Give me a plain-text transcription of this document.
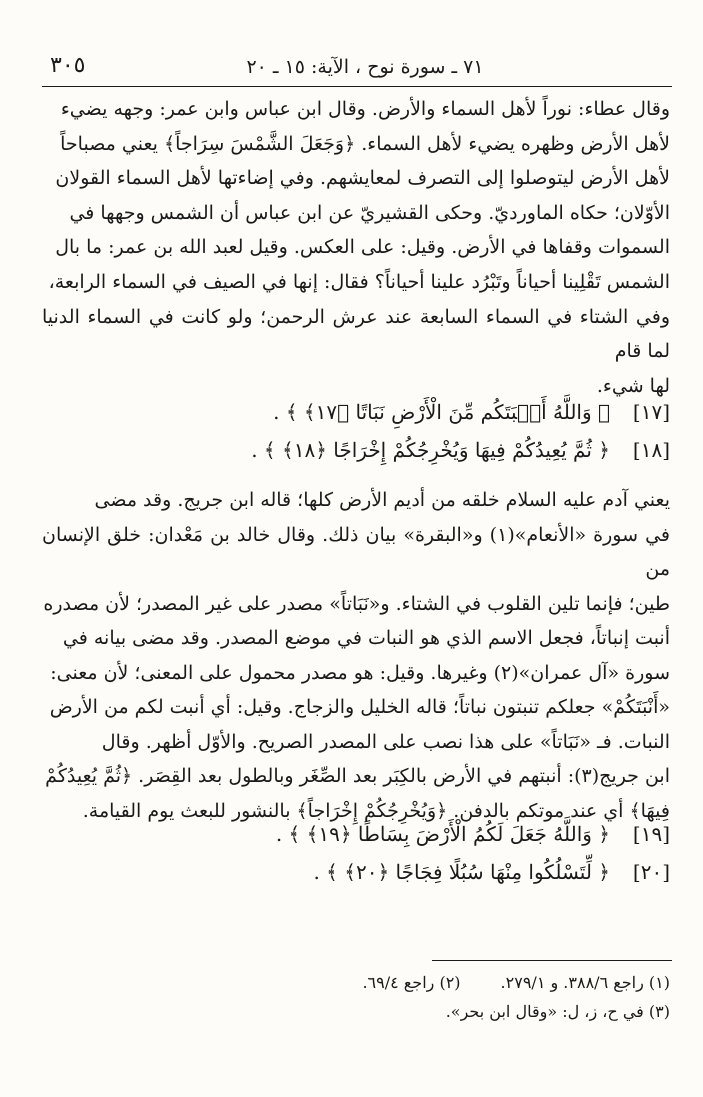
٣٠٥	٧١ ـ سورة نوح ، الآية: ١٥ ـ ٢٠

وقال عطاء: نوراً لأهل السماء والأرض. وقال ابن عباس وابن عمر: وجهه يضيء

لأهل الأرض وظهره يضيء لأهل السماء. ﴿وَجَعَلَ الشَّمْسَ سِرَاجاً﴾ يعني مصباحاً

لأهل الأرض ليتوصلوا إلى التصرف لمعايشهم. وفي إضاءتها لأهل السماء القولان

الأوّلان؛ حكاه الماورديّ. وحكى القشيريّ عن ابن عباس أن الشمس وجهها في

السموات وقفاها في الأرض. وقيل: على العكس. وقيل لعبد الله بن عمر: ما بال

الشمس تَقْلِينا أحياناً وتَبْرُد علينا أحياناً؟ فقال: إنها في الصيف في السماء الرابعة،

وفي الشتاء في السماء السابعة عند عرش الرحمن؛ ولو كانت في السماء الدنيا لما قام

لها شيء.

[١٧]
﴿ وَاللَّهُ أَنۢبَتَكُم مِّنَ الْأَرْضِ نَبَاتًا ﴿١٧﴾ ﴾ .
[١٨]
﴿ ثُمَّ يُعِيدُكُمْ فِيهَا وَيُخْرِجُكُمْ إِخْرَاجًا ﴿١٨﴾ ﴾ .

يعني آدم عليه السلام خلقه من أديم الأرض كلها؛ قاله ابن جريج. وقد مضى

في سورة «الأنعام»(١) و«البقرة» بيان ذلك. وقال خالد بن مَعْدان: خلق الإنسان من

طين؛ فإنما تلين القلوب في الشتاء. و«نَبَاتاً» مصدر على غير المصدر؛ لأن مصدره

أنبت إنباتاً، فجعل الاسم الذي هو النبات في موضع المصدر. وقد مضى بيانه في

سورة «آل عمران»(٢) وغيرها. وقيل: هو مصدر محمول على المعنى؛ لأن معنى:

«أَنْبَتَكُمْ» جعلكم تنبتون نباتاً؛ قاله الخليل والزجاج. وقيل: أي أنبت لكم من الأرض

النبات. فـ «نَبَاتاً» على هذا نصب على المصدر الصريح. والأوّل أظهر. وقال

ابن جريج(٣): أنبتهم في الأرض بالكِبَر بعد الصِّغَر وبالطول بعد القِصَر. ﴿ثُمَّ يُعِيدُكُمْ

فِيهَا﴾ أي عند موتكم بالدفن. ﴿وَيُخْرِجُكُمْ إِخْرَاجاً﴾ بالنشور للبعث يوم القيامة.

[١٩]
﴿ وَاللَّهُ جَعَلَ لَكُمُ الْأَرْضَ بِسَاطًا ﴿١٩﴾ ﴾ .
[٢٠]
﴿ لِّتَسْلُكُوا مِنْهَا سُبُلًا فِجَاجًا ﴿٢٠﴾ ﴾ .
(١) راجع ٣٨٨/٦. و ٢٧٩/١.
(٢) راجع ٦٩/٤.
(٣) في ح، ز، ل: «وقال ابن بحر».
